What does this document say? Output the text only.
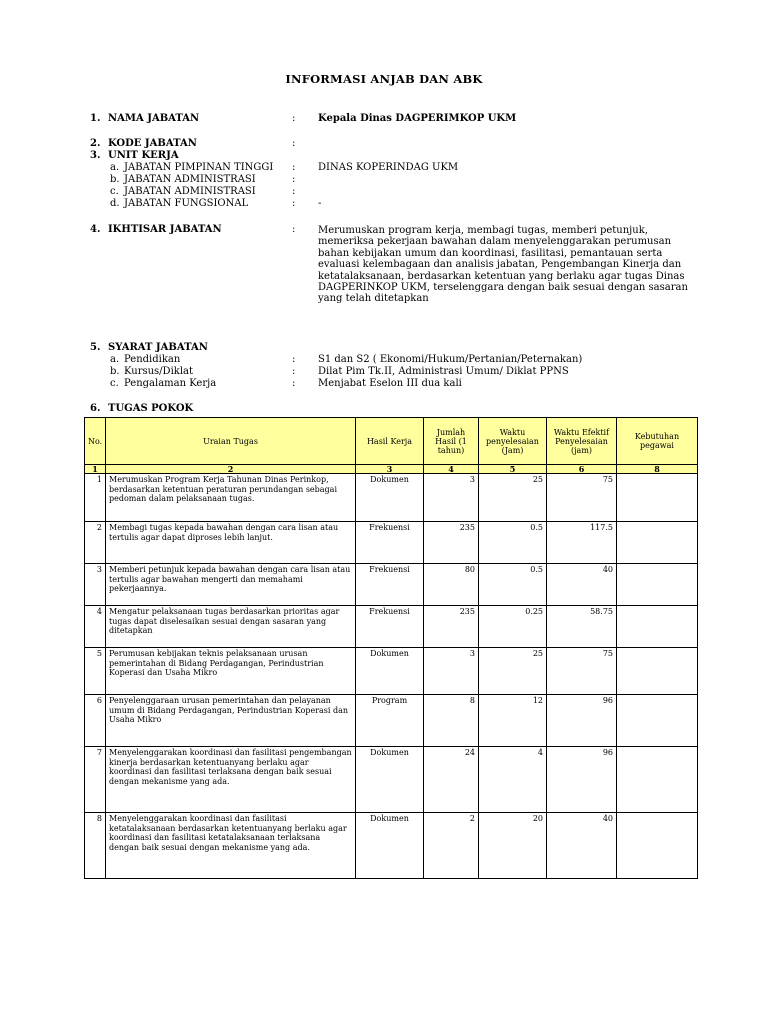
INFORMASI ANJAB DAN ABK
1. NAMA JABATAN	: Kepala Dinas DAGPERIMKOP UKM
2. KODE JABATAN	:
3. UNIT KERJA
a. JABATAN PIMPINAN TINGGI : DINAS KOPERINDAG UKM
b. JABATAN ADMINISTRASI	:
c. JABATAN ADMINISTRASI	:
d. JABATAN FUNGSIONAL	: -
4. IKHTISAR JABATAN	: Merumuskan program kerja, membagi tugas, memberi petunjuk, memeriksa pekerjaan bawahan dalam menyelenggarakan perumusan bahan kebijakan umum dan koordinasi, fasilitasi, pemantauan serta evaluasi kelembagaan dan analisis jabatan, Pengembangan Kinerja dan ketatalaksanaan, berdasarkan ketentuan yang berlaku agar tugas Dinas DAGPERINKOP UKM, terselenggara dengan baik sesuai dengan sasaran yang telah ditetapkan
5. SYARAT JABATAN
a. Pendidikan	: S1 dan S2 ( Ekonomi/Hukum/Pertanian/Peternakan)
b. Kursus/Diklat	: Dilat Pim Tk.II, Administrasi Umum/ Diklat PPNS
c. Pengalaman Kerja	: Menjabat Eselon III dua kali
6. TUGAS POKOK
No.	Uraian Tugas	Hasil Kerja	Jumlah Hasil (1 tahun)	Waktu penyelesaian (Jam)	Waktu Efektif Penyelesaian (jam)	Kebutuhan pegawai
1	2	3	4	5	6	8
1	Merumuskan Program Kerja Tahunan Dinas Perinkop, berdasarkan ketentuan peraturan perundangan sebagai pedoman dalam pelaksanaan tugas.	Dokumen	3	25	75	
2	Membagi tugas kepada bawahan dengan cara lisan atau tertulis agar dapat diproses lebih lanjut.	Frekuensi	235	0.5	117.5	
3	Memberi petunjuk kepada bawahan dengan cara lisan atau tertulis agar bawahan mengerti dan memahami pekerjaannya.	Frekuensi	80	0.5	40	
4	Mengatur pelaksanaan tugas berdasarkan prioritas agar tugas dapat diselesaikan sesuai dengan sasaran yang ditetapkan	Frekuensi	235	0.25	58.75	
5	Perumusan kebijakan teknis pelaksanaan urusan pemerintahan di Bidang Perdagangan, Perindustrian Koperasi dan Usaha Mikro	Dokumen	3	25	75	
6	Penyelenggaraan urusan pemerintahan dan pelayanan umum di Bidang Perdagangan, Perindustrian Koperasi dan Usaha Mikro	Program	8	12	96	
7	Menyelenggarakan koordinasi dan fasilitasi pengembangan kinerja berdasarkan ketentuanyang berlaku agar koordinasi dan fasilitasi terlaksana dengan baik sesuai dengan mekanisme yang ada.	Dokumen	24	4	96	
8	Menyelenggarakan koordinasi dan fasilitasi ketatalaksanaan berdasarkan ketentuanyang berlaku agar koordinasi dan fasilitasi ketatalaksanaan terlaksana dengan baik sesuai dengan mekanisme yang ada.	Dokumen	2	20	40	
